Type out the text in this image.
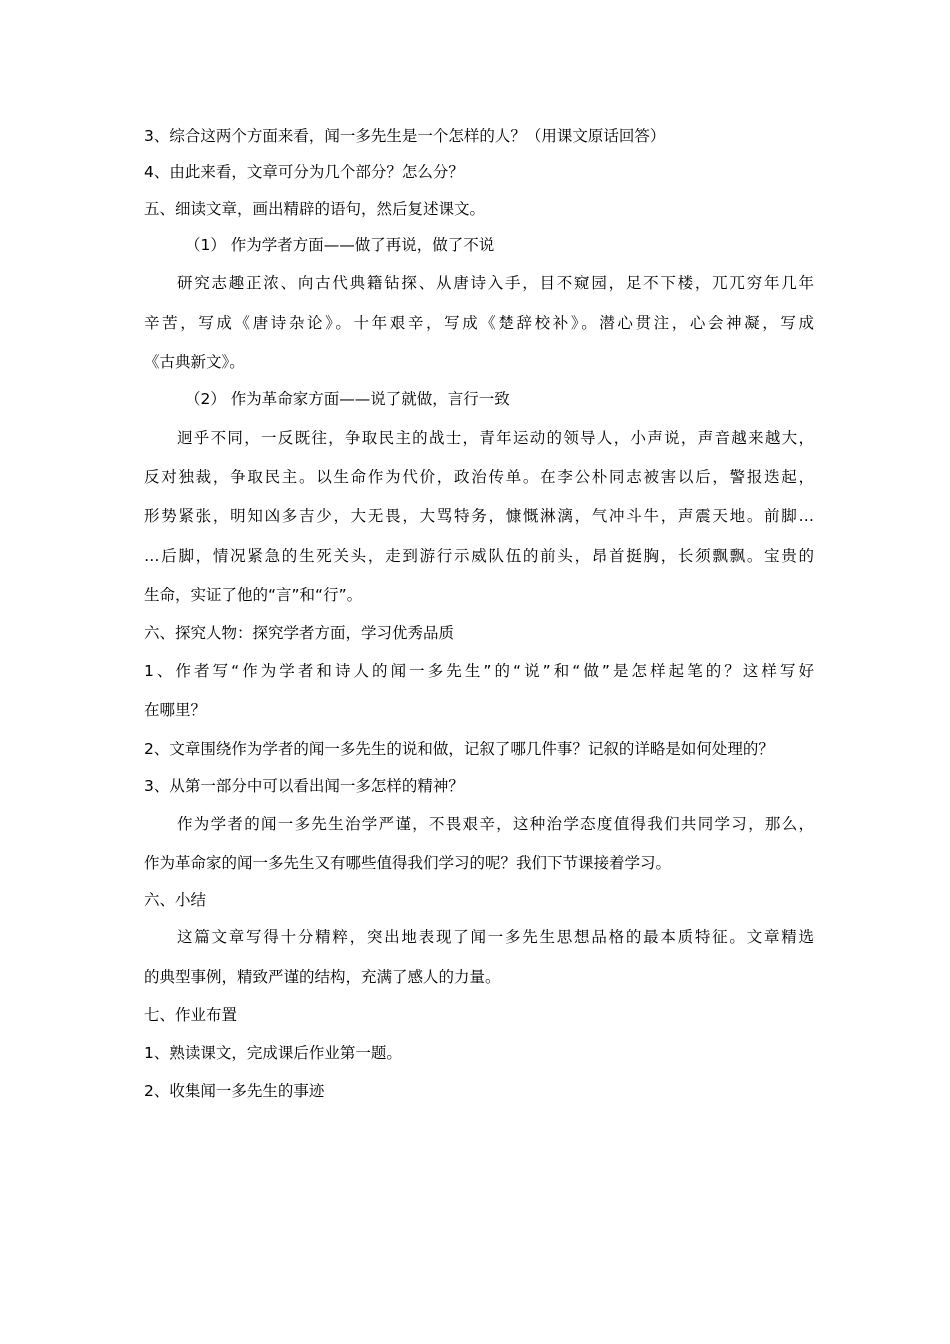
3、综合这两个方面来看，闻一多先生是一个怎样的人？（用课文原话回答）
4、由此来看，文章可分为几个部分？怎么分？
五、细读文章，画出精辟的语句，然后复述课文。
（1） 作为学者方面——做了再说，做了不说
研究志趣正浓、向古代典籍钻探、从唐诗入手，目不窥园，足不下楼，兀兀穷年几年
辛苦，写成《唐诗杂论》。十年艰辛，写成《楚辞校补》。潜心贯注，心会神凝，写成
《古典新文》。
（2） 作为革命家方面——说了就做，言行一致
迥乎不同，一反既往，争取民主的战士，青年运动的领导人，小声说，声音越来越大，
反对独裁，争取民主。以生命作为代价，政治传单。在李公朴同志被害以后，警报迭起，
形势紧张，明知凶多吉少，大无畏，大骂特务，慷慨淋漓，气冲斗牛，声震天地。前脚…
…后脚，情况紧急的生死关头，走到游行示威队伍的前头，昂首挺胸，长须飘飘。宝贵的
生命，实证了他的“言”和“行”。
六、探究人物：探究学者方面，学习优秀品质
1、作者写“作为学者和诗人的闻一多先生”的“说”和“做”是怎样起笔的？这样写好
在哪里？
2、文章围绕作为学者的闻一多先生的说和做，记叙了哪几件事？记叙的详略是如何处理的？
3、从第一部分中可以看出闻一多怎样的精神？
作为学者的闻一多先生治学严谨，不畏艰辛，这种治学态度值得我们共同学习，那么，
作为革命家的闻一多先生又有哪些值得我们学习的呢？我们下节课接着学习。
六、小结
这篇文章写得十分精粹，突出地表现了闻一多先生思想品格的最本质特征。文章精选
的典型事例，精致严谨的结构，充满了感人的力量。
七、作业布置
1、熟读课文，完成课后作业第一题。
2、收集闻一多先生的事迹
